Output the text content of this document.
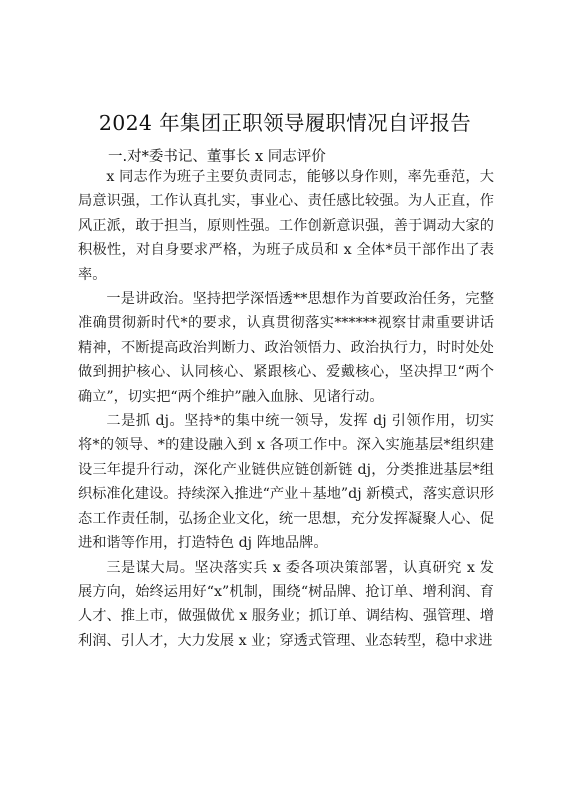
2024 年集团正职领导履职情况自评报告
一.对*委书记、董事长 x 同志评价

x 同志作为班子主要负责同志，能够以身作则，率先垂范，大局意识强，工作认真扎实，事业心、责任感比较强。为人正直，作风正派，敢于担当，原则性强。工作创新意识强，善于调动大家的积极性，对自身要求严格，为班子成员和 x 全体*员干部作出了表率。

一是讲政治。坚持把学深悟透**思想作为首要政治任务，完整准确贯彻新时代*的要求，认真贯彻落实******视察甘肃重要讲话精神，不断提高政治判断力、政治领悟力、政治执行力，时时处处做到拥护核心、认同核心、紧跟核心、爱戴核心，坚决捍卫“两个确立”，切实把“两个维护”融入血脉、见诸行动。

二是抓 dj。坚持*的集中统一领导，发挥 dj 引领作用，切实将*的领导、*的建设融入到 x 各项工作中。深入实施基层*组织建设三年提升行动，深化产业链供应链创新链 dj，分类推进基层*组织标准化建设。持续深入推进“产业＋基地”dj 新模式，落实意识形态工作责任制，弘扬企业文化，统一思想，充分发挥凝聚人心、促进和谐等作用，打造特色 dj 阵地品牌。

三是谋大局。坚决落实兵 x 委各项决策部署，认真研究 x 发展方向，始终运用好“x”机制，围绕“树品牌、抢订单、增利润、育人才、推上市，做强做优 x 服务业；抓订单、调结构、强管理、增利润、引人才，大力发展 x 业；穿透式管理、业态转型，稳中求进
